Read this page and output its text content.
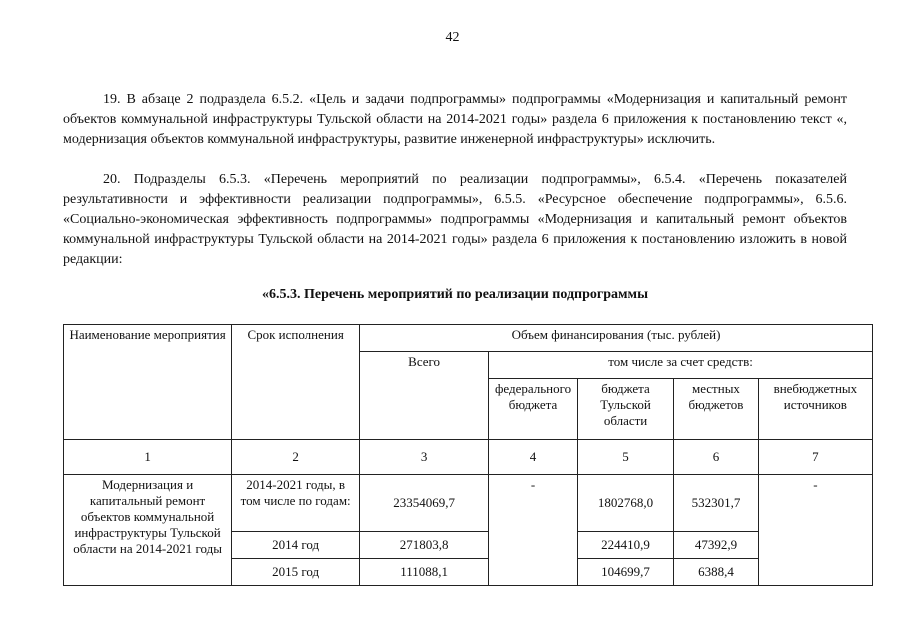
42

19. В абзаце 2 подраздела 6.5.2. «Цель и задачи подпрограммы» подпрограммы «Модернизация и капитальный ремонт объектов коммунальной инфраструктуры Тульской области на 2014-2021 годы» раздела 6 приложения к постановлению текст «, модернизация объектов коммунальной инфраструктуры, развитие инженерной инфраструктуры» исключить.

20. Подразделы 6.5.3. «Перечень мероприятий по реализации подпрограммы», 6.5.4. «Перечень показателей результативности и эффективности реализации подпрограммы», 6.5.5. «Ресурсное обеспечение подпрограммы», 6.5.6. «Социально-экономическая эффективность подпрограммы» подпрограммы «Модернизация и капитальный ремонт объектов коммунальной инфраструктуры Тульской области на 2014-2021 годы» раздела 6 приложения к постановлению изложить в новой редакции:

«6.5.3. Перечень мероприятий по реализации подпрограммы
Наименование мероприятия	Срок исполнения	Объем финансирования (тыс. рублей)				
		Всего	том числе за счет средств:			
			федерального бюджета	бюджета Тульской области	местных бюджетов	внебюджетных источников
1	2	3	4	5	6	7
Модернизация и капитальный ремонт объектов коммунальной инфраструктуры Тульской области на 2014-2021 годы	2014-2021 годы, в том числе по годам:	23354069,7	-	1802768,0	532301,7	-
	2014 год	271803,8		224410,9	47392,9	
	2015 год	111088,1		104699,7	6388,4	
